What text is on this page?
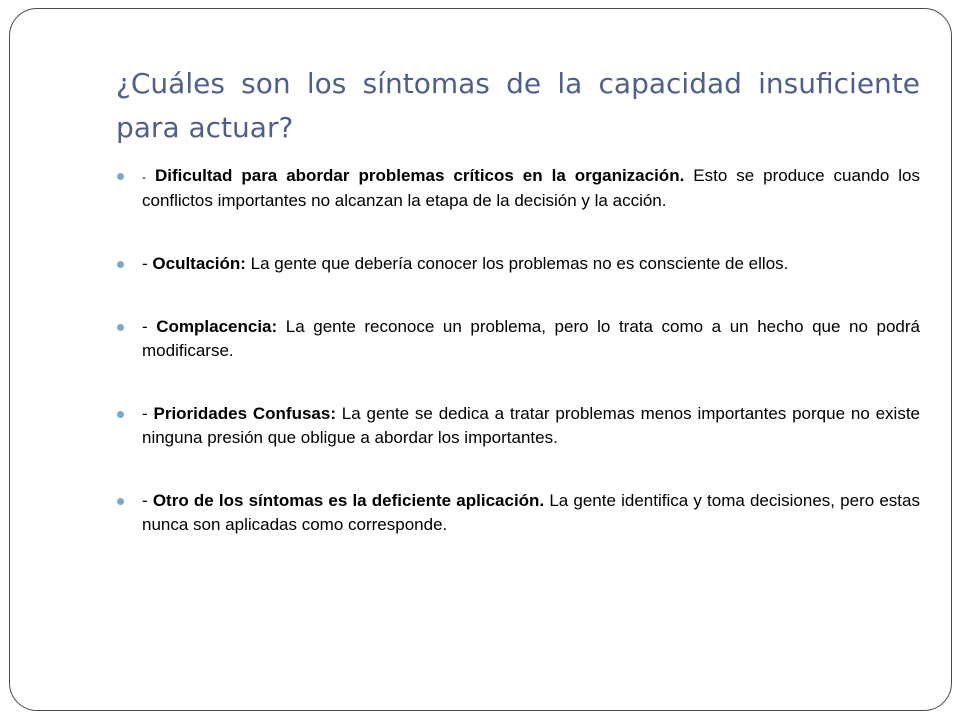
¿Cuáles son los síntomas de la capacidad insuficiente para actuar?
- Dificultad para abordar problemas críticos en la organización. Esto se produce cuando los conflictos importantes no alcanzan la etapa de la decisión y la acción.
- Ocultación: La gente que debería conocer los problemas no es consciente de ellos.
- Complacencia: La gente reconoce un problema, pero lo trata como a un hecho que no podrá modificarse.
- Prioridades Confusas: La gente se dedica a tratar problemas menos importantes porque no existe ninguna presión que obligue a abordar los importantes.
- Otro de los síntomas es la deficiente aplicación. La gente identifica y toma decisiones, pero estas nunca son aplicadas como corresponde.
